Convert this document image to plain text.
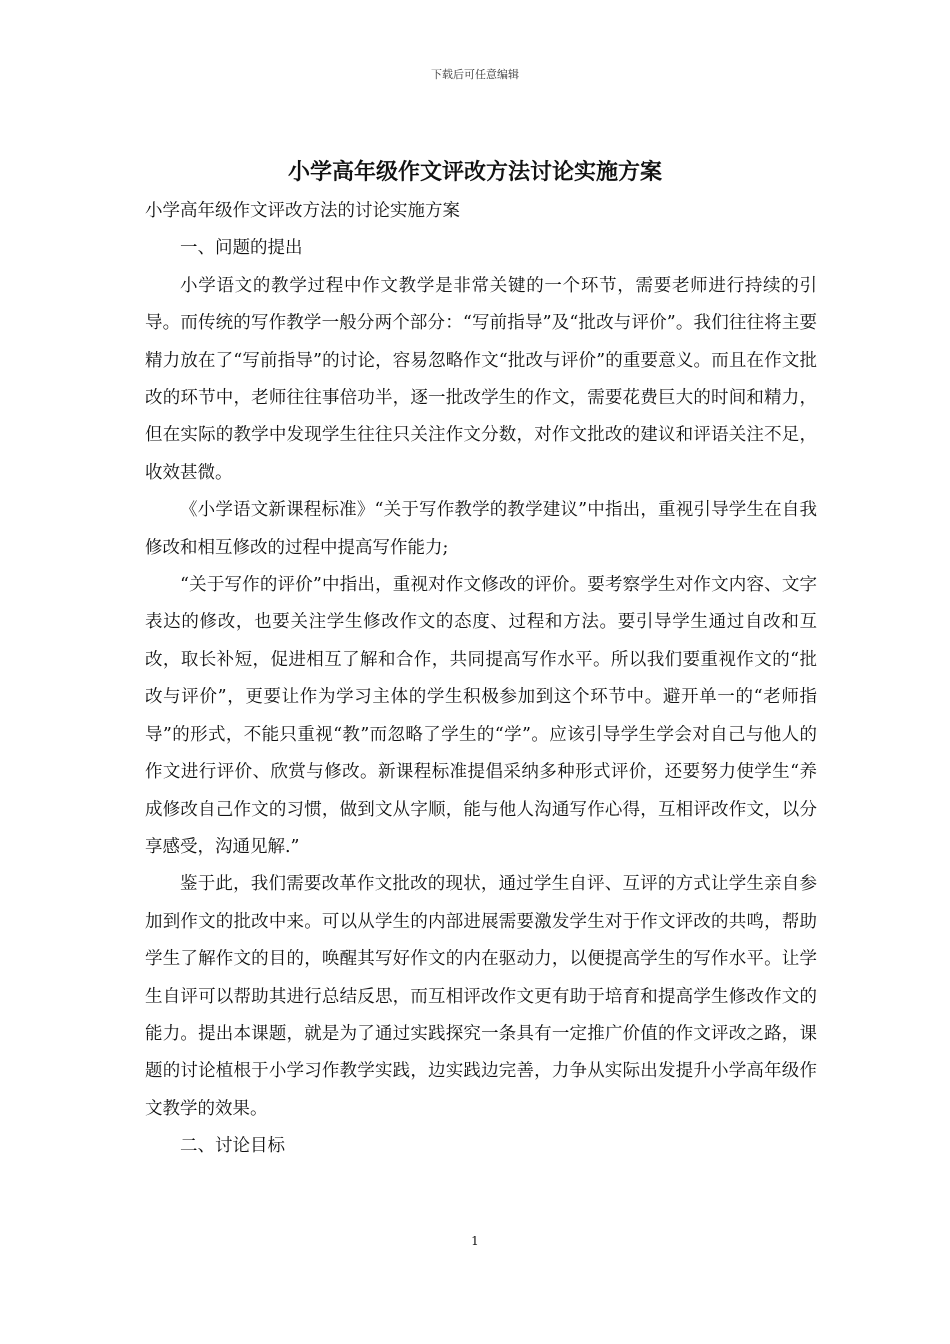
下载后可任意编辑
小学高年级作文评改方法讨论实施方案

小学高年级作文评改方法的讨论实施方案

一、问题的提出

小学语文的教学过程中作文教学是非常关键的一个环节，需要老师进行持续的引导。而传统的写作教学一般分两个部分：“写前指导”及“批改与评价”。我们往往将主要精力放在了“写前指导”的讨论，容易忽略作文“批改与评价”的重要意义。而且在作文批改的环节中，老师往往事倍功半，逐一批改学生的作文，需要花费巨大的时间和精力，但在实际的教学中发现学生往往只关注作文分数，对作文批改的建议和评语关注不足，收效甚微。

《小学语文新课程标准》“关于写作教学的教学建议”中指出，重视引导学生在自我修改和相互修改的过程中提高写作能力;

“关于写作的评价”中指出，重视对作文修改的评价。要考察学生对作文内容、文字表达的修改，也要关注学生修改作文的态度、过程和方法。要引导学生通过自改和互改，取长补短，促进相互了解和合作，共同提高写作水平。所以我们要重视作文的“批改与评价”，更要让作为学习主体的学生积极参加到这个环节中。避开单一的“老师指导”的形式，不能只重视“教”而忽略了学生的“学”。应该引导学生学会对自己与他人的作文进行评价、欣赏与修改。新课程标准提倡采纳多种形式评价，还要努力使学生“养成修改自己作文的习惯，做到文从字顺，能与他人沟通写作心得，互相评改作文，以分享感受，沟通见解.”

鉴于此，我们需要改革作文批改的现状，通过学生自评、互评的方式让学生亲自参加到作文的批改中来。可以从学生的内部进展需要激发学生对于作文评改的共鸣，帮助学生了解作文的目的，唤醒其写好作文的内在驱动力，以便提高学生的写作水平。让学生自评可以帮助其进行总结反思，而互相评改作文更有助于培育和提高学生修改作文的能力。提出本课题，就是为了通过实践探究一条具有一定推广价值的作文评改之路，课题的讨论植根于小学习作教学实践，边实践边完善，力争从实际出发提升小学高年级作文教学的效果。

二、讨论目标

1
